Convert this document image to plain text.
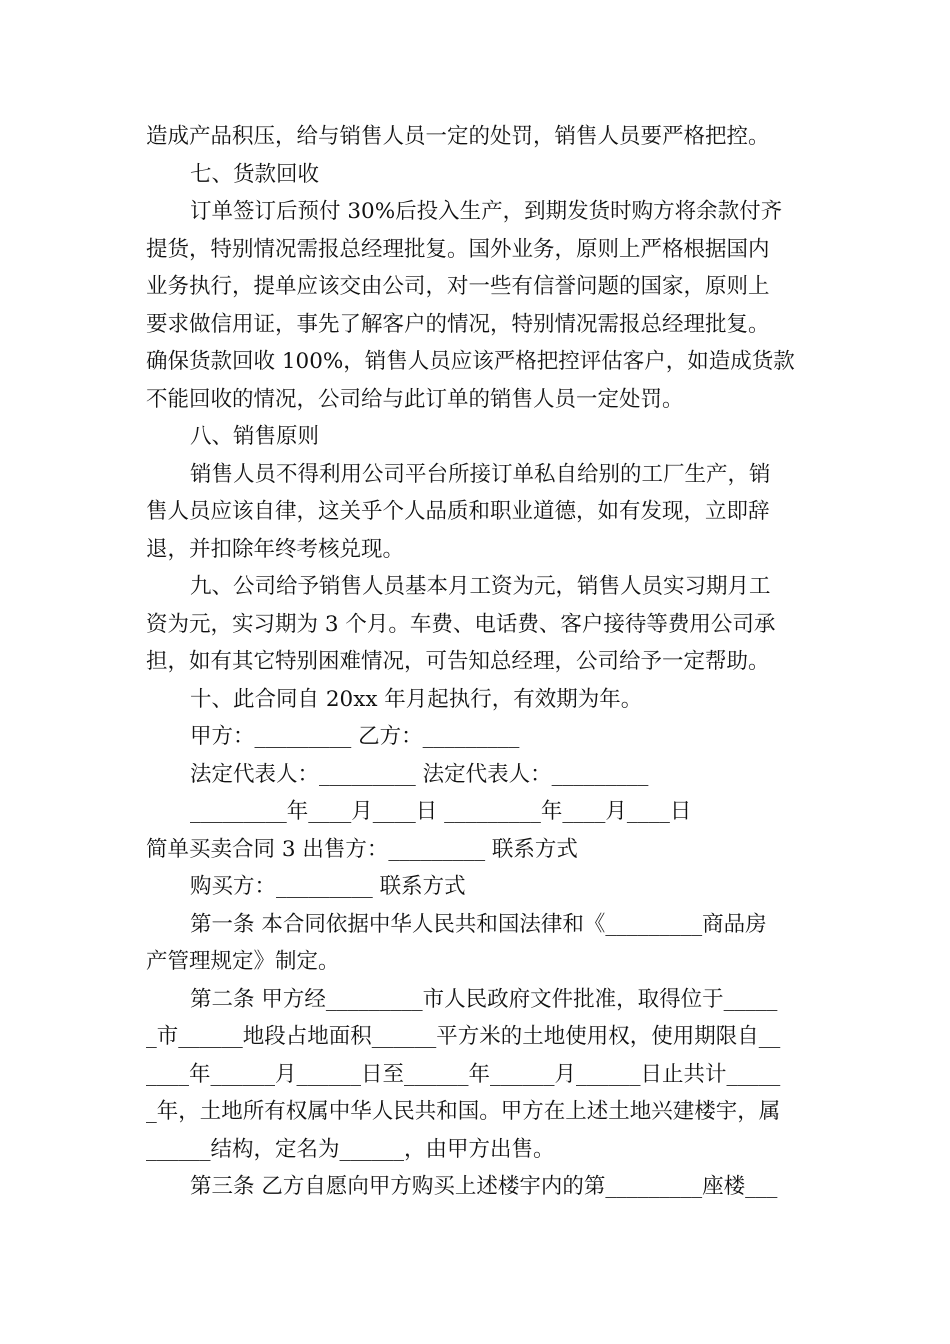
造成产品积压，给与销售人员一定的处罚，销售人员要严格把控。
七、货款回收
订单签订后预付 30%后投入生产，到期发货时购方将余款付齐
提货，特别情况需报总经理批复。国外业务，原则上严格根据国内
业务执行，提单应该交由公司，对一些有信誉问题的国家，原则上
要求做信用证，事先了解客户的情况，特别情况需报总经理批复。
确保货款回收 100%，销售人员应该严格把控评估客户，如造成货款
不能回收的情况，公司给与此订单的销售人员一定处罚。
八、销售原则
销售人员不得利用公司平台所接订单私自给别的工厂生产，销
售人员应该自律，这关乎个人品质和职业道德，如有发现，立即辞
退，并扣除年终考核兑现。
九、公司给予销售人员基本月工资为元，销售人员实习期月工
资为元，实习期为 3 个月。车费、电话费、客户接待等费用公司承
担，如有其它特别困难情况，可告知总经理，公司给予一定帮助。
十、此合同自 20xx 年月起执行，有效期为年。
甲方：_________ 乙方：_________
法定代表人：_________ 法定代表人：_________
_________年____月____日 _________年____月____日
简单买卖合同 3 出售方：_________ 联系方式
购买方：_________ 联系方式
第一条 本合同依据中华人民共和国法律和《_________商品房
产管理规定》制定。
第二条 甲方经_________市人民政府文件批准，取得位于_____
_市______地段占地面积______平方米的土地使用权，使用期限自__
____年______月______日至______年______月______日止共计_____
_年，土地所有权属中华人民共和国。甲方在上述土地兴建楼宇，属
______结构，定名为______，由甲方出售。
第三条 乙方自愿向甲方购买上述楼宇内的第_________座楼___
